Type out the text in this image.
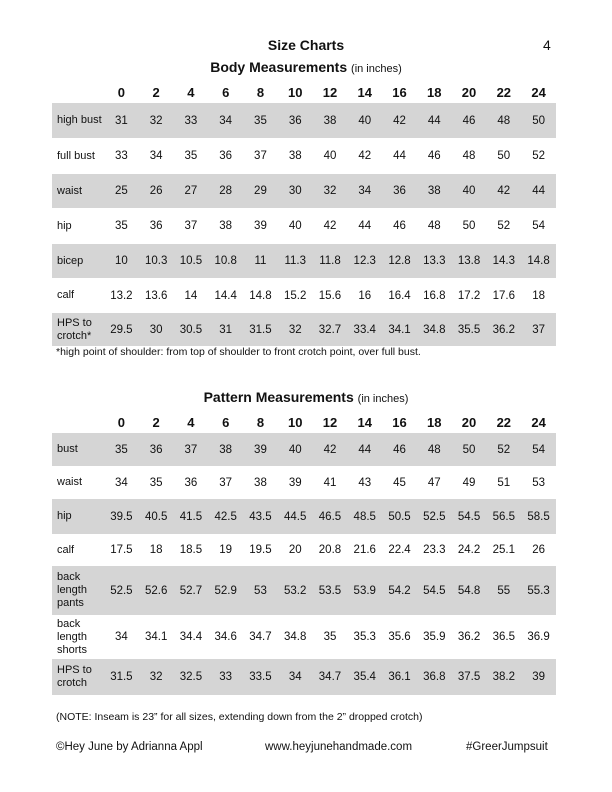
Size Charts	4
Body Measurements (in inches)
	0	2	4	6	8	10	12	14	16	18	20	22	24
high bust	31	32	33	34	35	36	38	40	42	44	46	48	50
full bust	33	34	35	36	37	38	40	42	44	46	48	50	52
waist	25	26	27	28	29	30	32	34	36	38	40	42	44
hip	35	36	37	38	39	40	42	44	46	48	50	52	54
bicep	10	10.3	10.5	10.8	11	11.3	11.8	12.3	12.8	13.3	13.8	14.3	14.8
calf	13.2	13.6	14	14.4	14.8	15.2	15.6	16	16.4	16.8	17.2	17.6	18
HPS to crotch*	29.5	30	30.5	31	31.5	32	32.7	33.4	34.1	34.8	35.5	36.2	37
*high point of shoulder: from top of shoulder to front crotch point, over full bust.
Pattern Measurements (in inches)
	0	2	4	6	8	10	12	14	16	18	20	22	24
bust	35	36	37	38	39	40	42	44	46	48	50	52	54
waist	34	35	36	37	38	39	41	43	45	47	49	51	53
hip	39.5	40.5	41.5	42.5	43.5	44.5	46.5	48.5	50.5	52.5	54.5	56.5	58.5
calf	17.5	18	18.5	19	19.5	20	20.8	21.6	22.4	23.3	24.2	25.1	26
back length pants	52.5	52.6	52.7	52.9	53	53.2	53.5	53.9	54.2	54.5	54.8	55	55.3
back length shorts	34	34.1	34.4	34.6	34.7	34.8	35	35.3	35.6	35.9	36.2	36.5	36.9
HPS to crotch	31.5	32	32.5	33	33.5	34	34.7	35.4	36.1	36.8	37.5	38.2	39
(NOTE: Inseam is 23” for all sizes, extending down from the 2” dropped crotch)
©Hey June by Adrianna Appl	www.heyjunehandmade.com	#GreerJumpsuit
